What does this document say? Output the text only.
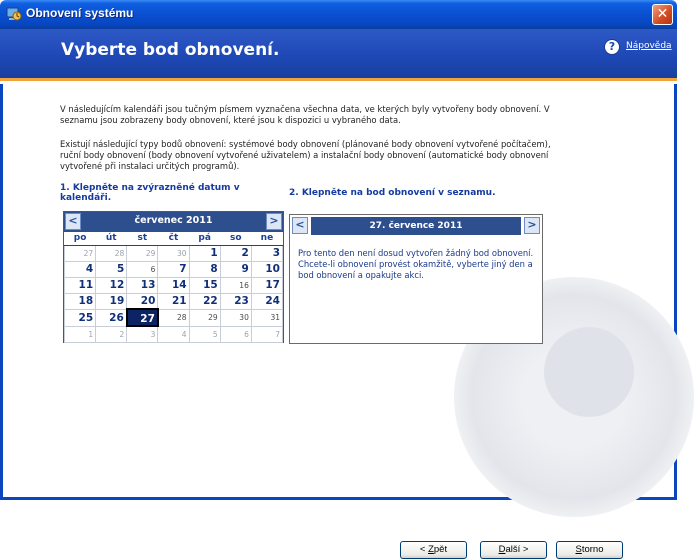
Obnovení systému	✕
Vyberte bod obnovení.	?	Nápověda
V následujícím kalendáři jsou tučným písmem vyznačena všechna data, ve kterých byly vytvořeny body obnovení. V seznamu jsou zobrazeny body obnovení, které jsou k dispozici u vybraného data.
Existují následující typy bodů obnovení: systémové body obnovení (plánované body obnovení vytvořené počítačem), ruční body obnovení (body obnovení vytvořené uživatelem) a instalační body obnovení (automatické body obnovení vytvořené při instalaci určitých programů).
1. Klepněte na zvýrazněné datum v kalendáři.	2. Klepněte na bod obnovení v seznamu.
<	červenec 2011	>
po	út	st	čt	pá	so	ne
27	28	29	30	1	2	3
4	5	6	7	8	9	10
11	12	13	14	15	16	17
18	19	20	21	22	23	24
25	26	27	28	29	30	31
1	2	3	4	5	6	7
<	27. července 2011	>
Pro tento den není dosud vytvořen žádný bod obnovení. Chcete-li obnovení provést okamžitě, vyberte jiný den a bod obnovení a opakujte akci.
< Zpět	Další >	Storno
